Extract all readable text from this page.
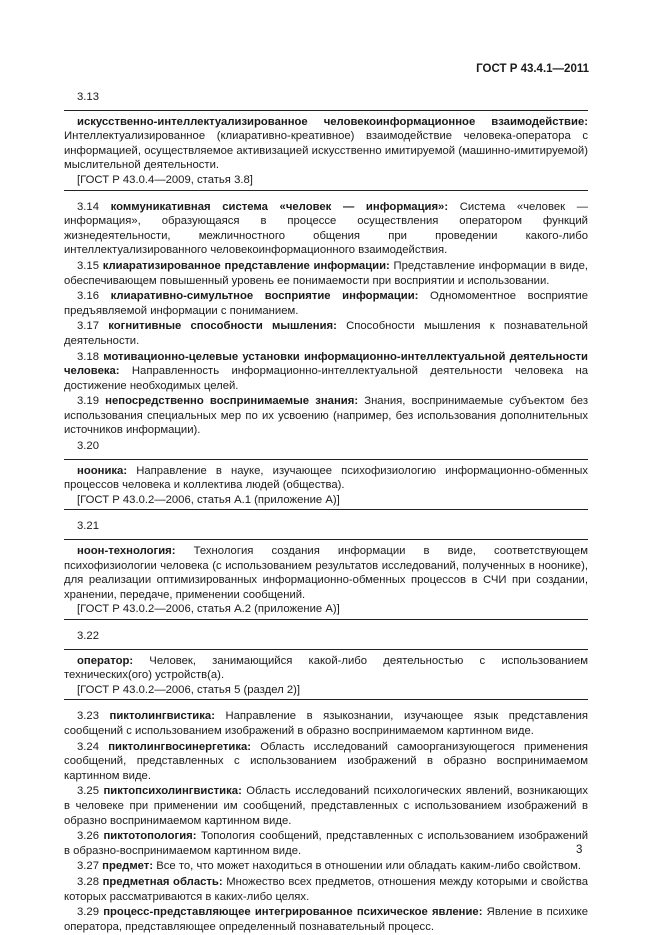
ГОСТ Р 43.4.1—2011

3.13

искусственно-интеллектуализированное человекоинформационное взаимодействие: Интеллектуализированное (клиаративно-креативное) взаимодействие человека-оператора с информацией, осуществляемое активизацией искусственно имитируемой (машинно-имитируемой) мыслительной деятельности.

[ГОСТ Р 43.0.4—2009, статья 3.8]

3.14 коммуникативная система «человек — информация»: Система «человек — информация», образующаяся в процессе осуществления оператором функций жизнедеятельности, межличностного общения при проведении какого-либо интеллектуализированного человекоинформационного взаимодействия.

3.15 клиаратизированное представление информации: Представление информации в виде, обеспечивающем повышенный уровень ее понимаемости при восприятии и использовании.

3.16 клиаративно-симультное восприятие информации: Одномоментное восприятие предъявляемой информации с пониманием.

3.17 когнитивные способности мышления: Способности мышления к познавательной деятельности.

3.18 мотивационно-целевые установки информационно-интеллектуальной деятельности человека: Направленность информационно-интеллектуальной деятельности человека на достижение необходимых целей.

3.19 непосредственно воспринимаемые знания: Знания, воспринимаемые субъектом без использования специальных мер по их усвоению (например, без использования дополнительных источников информации).

3.20

нооника: Направление в науке, изучающее психофизиологию информационно-обменных процессов человека и коллектива людей (общества).

[ГОСТ Р 43.0.2—2006, статья А.1 (приложение А)]

3.21

ноон-технология: Технология создания информации в виде, соответствующем психофизиологии человека (с использованием результатов исследований, полученных в ноонике), для реализации оптимизированных информационно-обменных процессов в СЧИ при создании, хранении, передаче, применении сообщений.

[ГОСТ Р 43.0.2—2006, статья А.2 (приложение А)]

3.22

оператор: Человек, занимающийся какой-либо деятельностью с использованием технических(ого) устройств(а).

[ГОСТ Р 43.0.2—2006, статья 5 (раздел 2)]

3.23 пиктолингвистика: Направление в языкознании, изучающее язык представления сообщений с использованием изображений в образно воспринимаемом картинном виде.

3.24 пиктолингвосинергетика: Область исследований самоорганизующегося применения сообщений, представленных с использованием изображений в образно воспринимаемом картинном виде.

3.25 пиктопсихолингвистика: Область исследований психологических явлений, возникающих в человеке при применении им сообщений, представленных с использованием изображений в образно воспринимаемом картинном виде.

3.26 пиктотопология: Топология сообщений, представленных с использованием изображений в образно-воспринимаемом картинном виде.

3.27 предмет: Все то, что может находиться в отношении или обладать каким-либо свойством.

3.28 предметная область: Множество всех предметов, отношения между которыми и свойства которых рассматриваются в каких-либо целях.

3.29 процесс-представляющее интегрированное психическое явление: Явление в психике оператора, представляющее определенный познавательный процесс.

3
